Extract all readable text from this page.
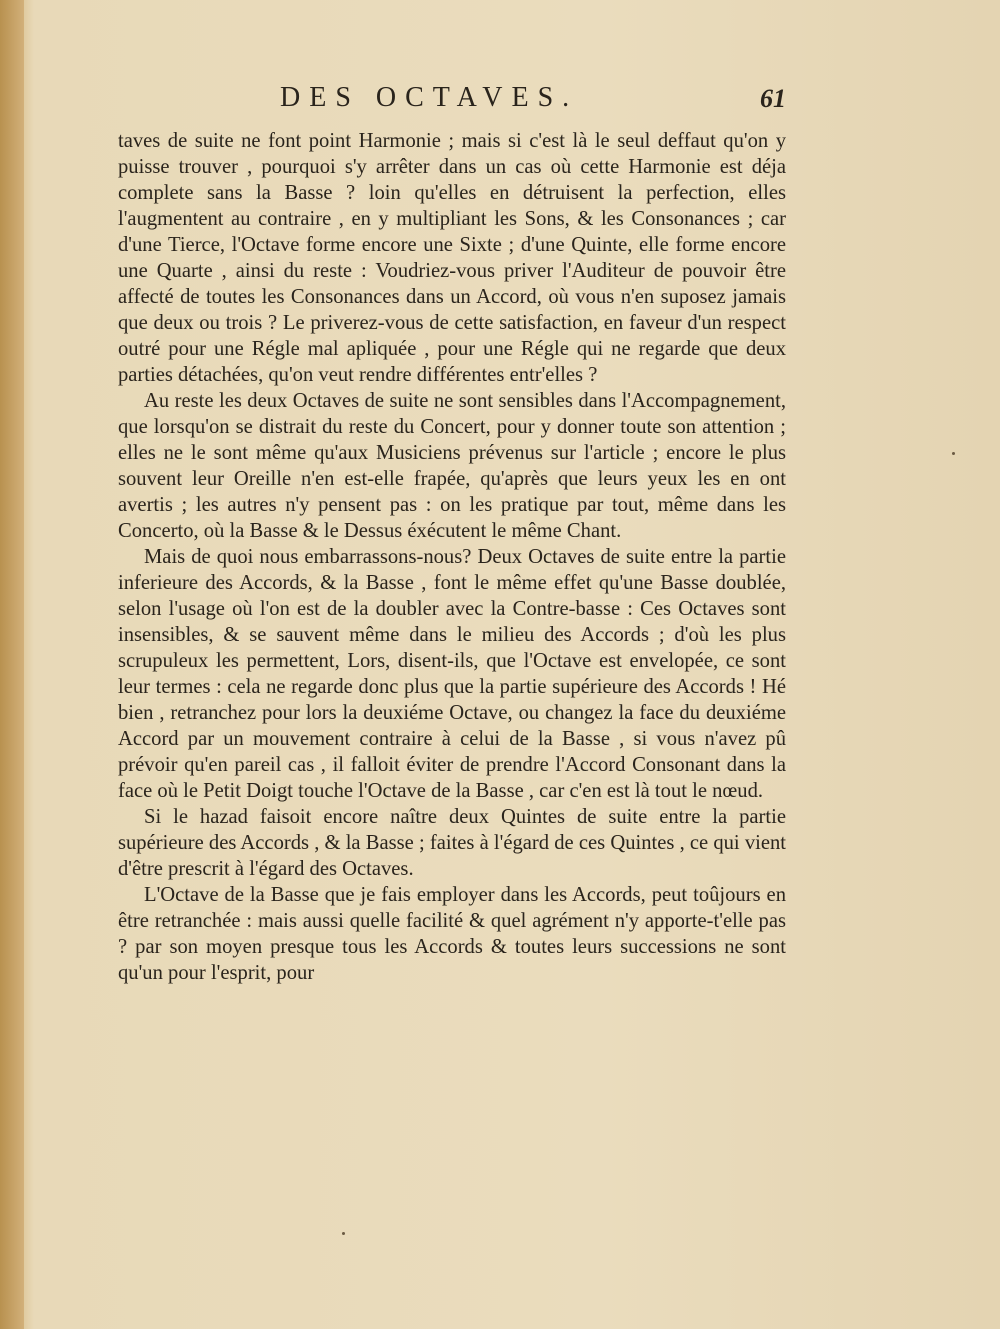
DES OCTAVES.	61

taves de suite ne font point Harmonie ; mais si c'est là le seul deffaut qu'on y puisse trouver , pourquoi s'y arrêter dans un cas où cette Harmonie est déja complete sans la Basse ? loin qu'elles en détruisent la perfection, elles l'augmentent au contraire , en y multipliant les Sons, & les Consonances ; car d'une Tierce, l'Octave forme encore une Sixte ; d'une Quinte, elle forme encore une Quarte , ainsi du reste : Voudriez-vous priver l'Auditeur de pouvoir être affecté de toutes les Consonances dans un Accord, où vous n'en suposez jamais que deux ou trois ? Le priverez-vous de cette satisfaction, en faveur d'un respect outré pour une Régle mal apliquée , pour une Régle qui ne regarde que deux parties détachées, qu'on veut rendre différentes entr'elles ?

Au reste les deux Octaves de suite ne sont sensibles dans l'Accompagnement, que lorsqu'on se distrait du reste du Concert, pour y donner toute son attention ; elles ne le sont même qu'aux Musiciens prévenus sur l'article ; encore le plus souvent leur Oreille n'en est-elle frapée, qu'après que leurs yeux les en ont avertis ; les autres n'y pensent pas : on les pratique par tout, même dans les Concerto, où la Basse & le Dessus éxécutent le même Chant.

Mais de quoi nous embarrassons-nous? Deux Octaves de suite entre la partie inferieure des Accords, & la Basse , font le même effet qu'une Basse doublée, selon l'usage où l'on est de la doubler avec la Contre-basse : Ces Octaves sont insensibles, & se sauvent même dans le milieu des Accords ; d'où les plus scrupuleux les permettent, Lors, disent-ils, que l'Octave est envelopée, ce sont leur termes : cela ne regarde donc plus que la partie supérieure des Accords ! Hé bien , retranchez pour lors la deuxiéme Octave, ou changez la face du deuxiéme Accord par un mouvement contraire à celui de la Basse , si vous n'avez pû prévoir qu'en pareil cas , il falloit éviter de prendre l'Accord Consonant dans la face où le Petit Doigt touche l'Octave de la Basse , car c'en est là tout le nœud.

Si le hazad faisoit encore naître deux Quintes de suite entre la partie supérieure des Accords , & la Basse ; faites à l'égard de ces Quintes , ce qui vient d'être prescrit à l'égard des Octaves.

L'Octave de la Basse que je fais employer dans les Accords, peut toûjours en être retranchée : mais aussi quelle facilité & quel agrément n'y apporte-t'elle pas ? par son moyen presque tous les Accords & toutes leurs successions ne sont qu'un pour l'esprit, pour
